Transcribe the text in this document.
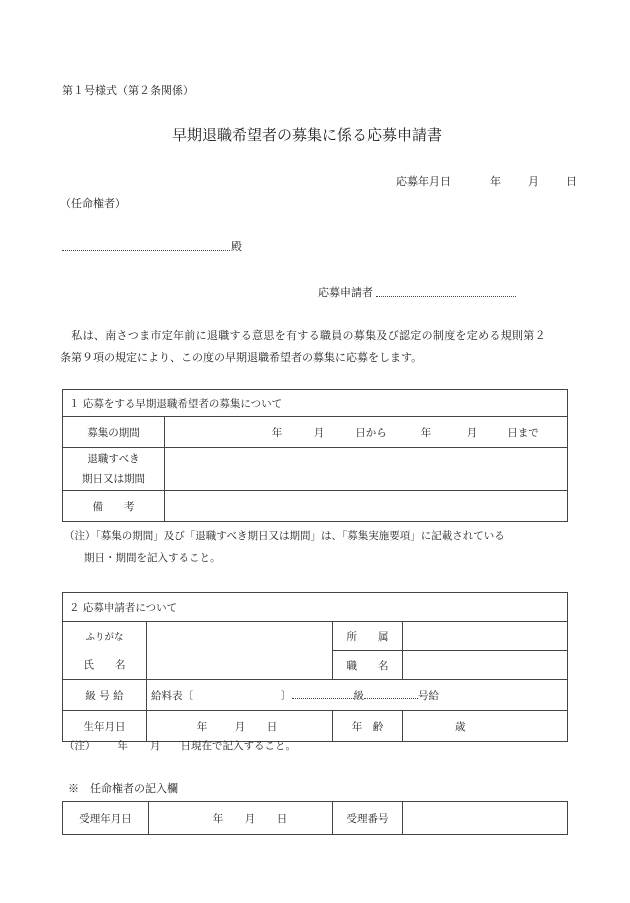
第１号様式（第２条関係）
早期退職希望者の募集に係る応募申請書
応募年月日	年 月 日
（任命権者）
殿
応募申請者
　私は、南さつま市定年前に退職する意思を有する職員の募集及び認定の制度を定める規則第２
条第９項の規定により、この度の早期退職希望者の募集に応募をします。
１ 応募をする早期退職希望者の募集について	
募集の期間	年 月 日から 年 月 日まで

退職すべき
期日又は期間	

備　　考	
（注）「募集の期間」及び「退職すべき期日又は期間」は、「募集実施要項」に記載されている
期日・期間を記入すること。
２ 応募申請者について			
ふりがな		所　　属	
氏　　名		職　　名	
級 号 給	給料表〔 〕 級 号給		
生年月日	年 月 日	年　齢	歳
（注） 年 月 日現在で記入すること。
※　任命権者の記入欄
受理年月日	年 月 日	受理番号	
